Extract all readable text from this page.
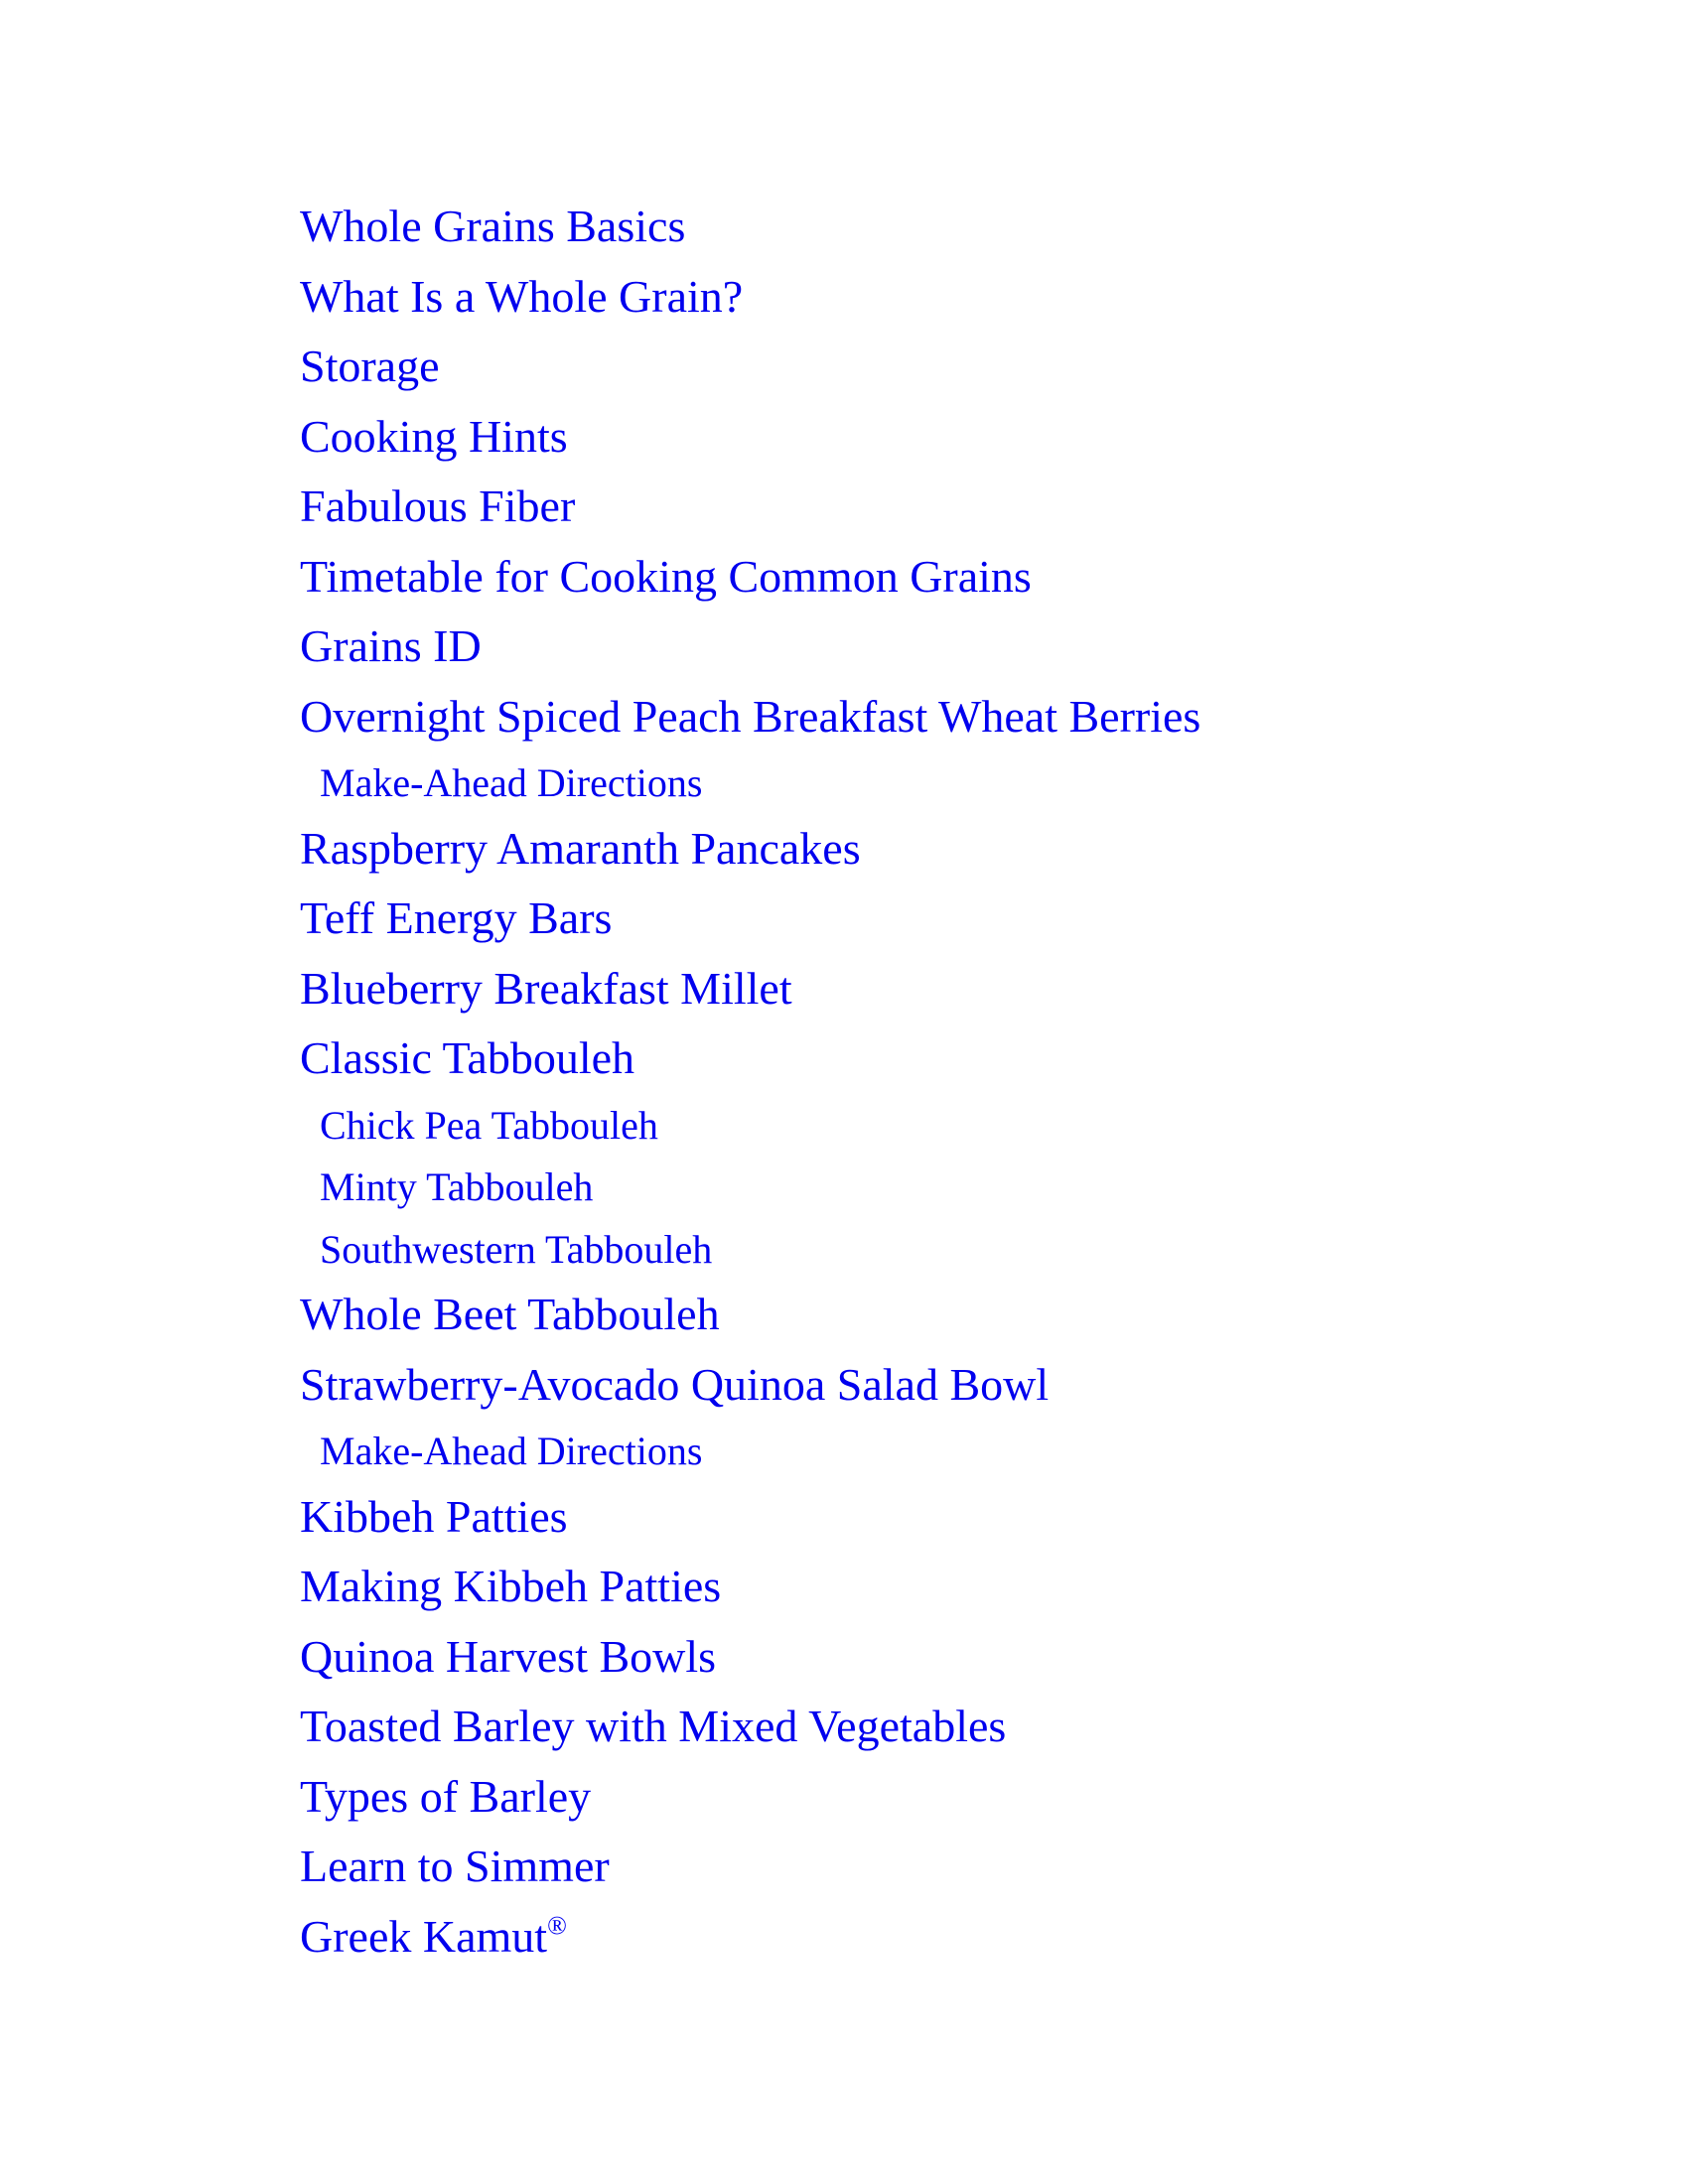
Whole Grains Basics
What Is a Whole Grain?
Storage
Cooking Hints
Fabulous Fiber
Timetable for Cooking Common Grains
Grains ID
Overnight Spiced Peach Breakfast Wheat Berries
Make-Ahead Directions
Raspberry Amaranth Pancakes
Teff Energy Bars
Blueberry Breakfast Millet
Classic Tabbouleh
Chick Pea Tabbouleh
Minty Tabbouleh
Southwestern Tabbouleh
Whole Beet Tabbouleh
Strawberry-Avocado Quinoa Salad Bowl
Make-Ahead Directions
Kibbeh Patties
Making Kibbeh Patties
Quinoa Harvest Bowls
Toasted Barley with Mixed Vegetables
Types of Barley
Learn to Simmer
Greek Kamut®
